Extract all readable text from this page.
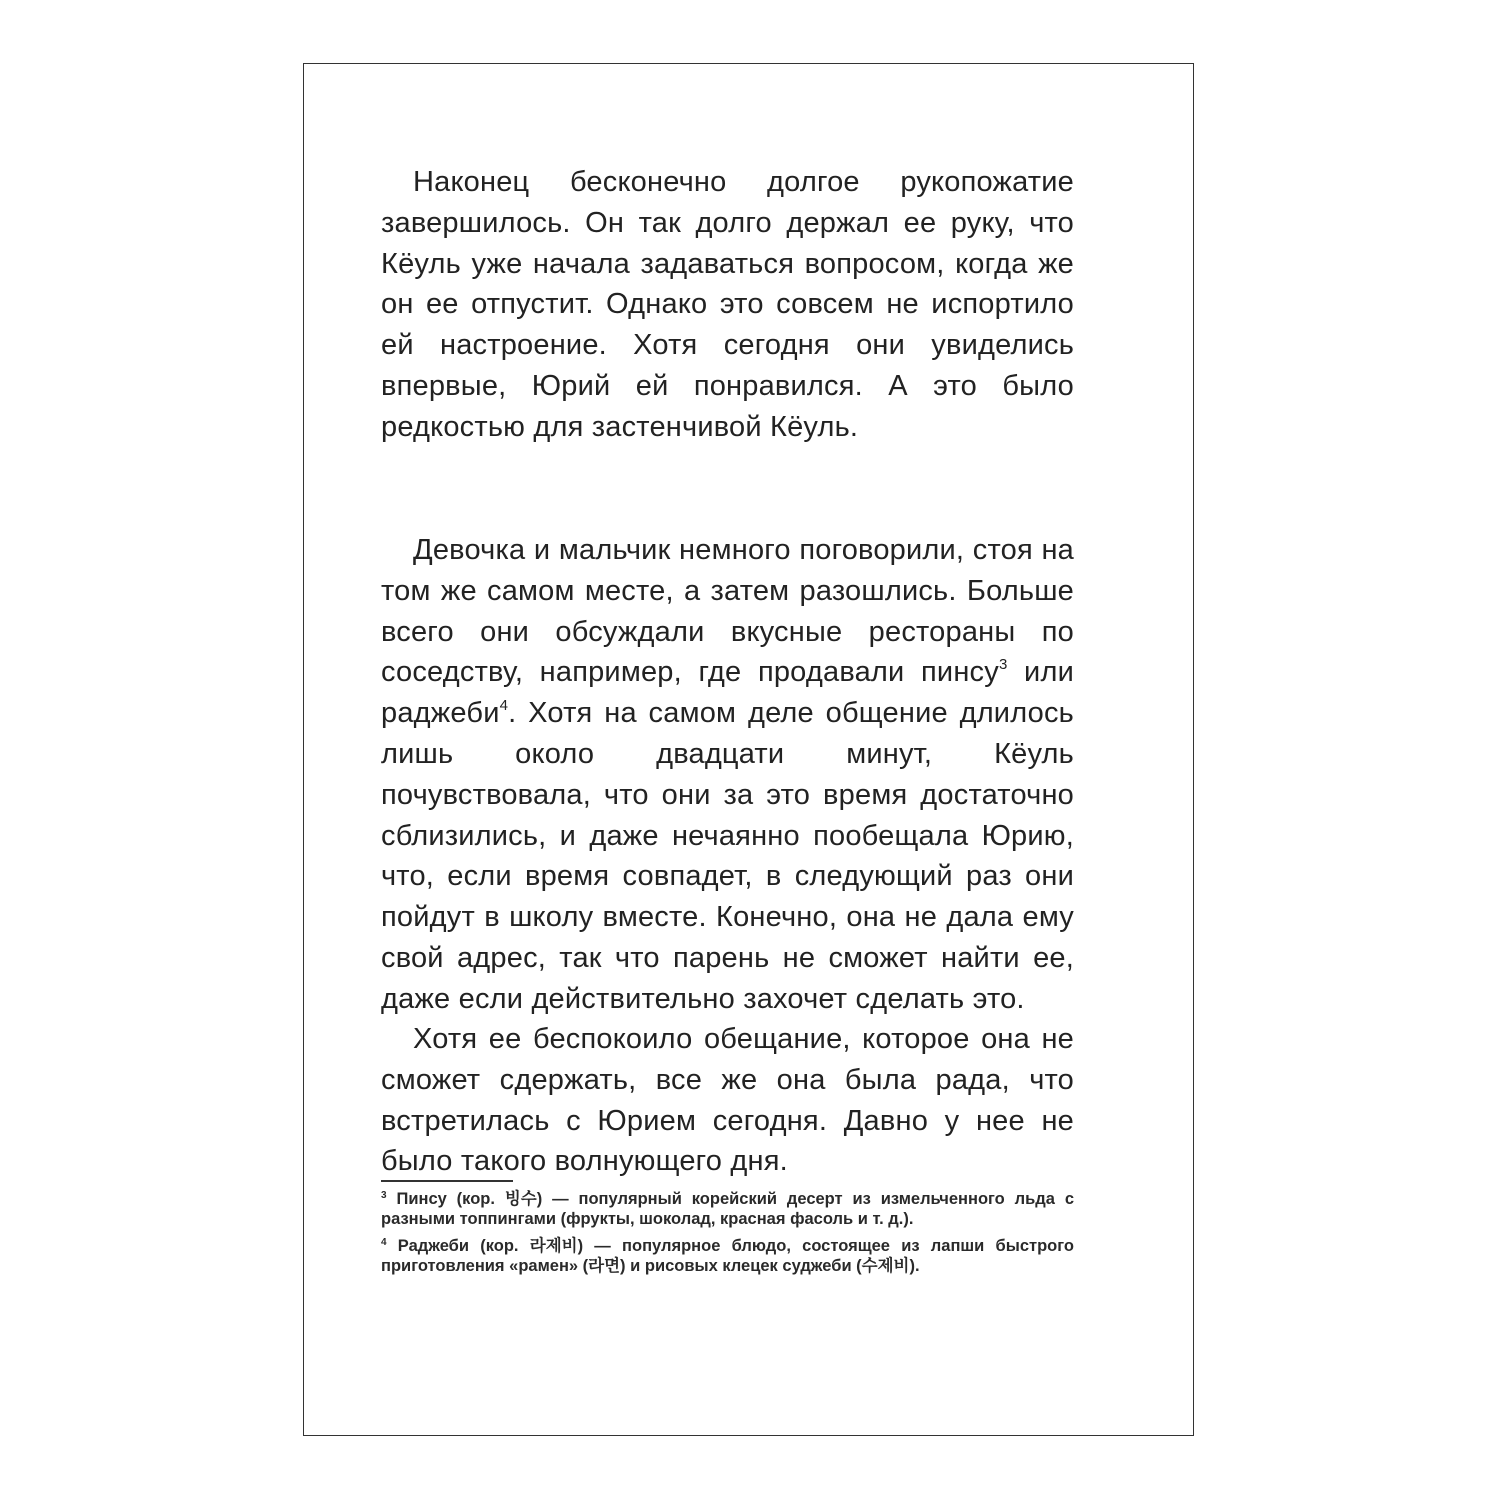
Наконец бесконечно долгое рукопожатие завершилось. Он так долго держал ее руку, что Кёуль уже начала задаваться вопросом, когда же он ее отпустит. Однако это совсем не испортило ей настроение. Хотя сегодня они увиделись впервые, Юрий ей понравился. А это было редкостью для застенчивой Кёуль.

Девочка и мальчик немного поговорили, стоя на том же самом месте, а затем разошлись. Больше всего они обсуждали вкусные рестораны по соседству, например, где продавали пинсу$^3$ или раджеби$^4$. Хотя на самом деле общение длилось лишь около двадцати минут, Кёуль почувствовала, что они за это время достаточно сблизились, и даже нечаянно пообещала Юрию, что, если время совпадет, в следующий раз они пойдут в школу вместе. Конечно, она не дала ему свой адрес, так что парень не сможет найти ее, даже если действительно захочет сделать это.

Хотя ее беспокоило обещание, которое она не сможет сдержать, все же она была рада, что встретилась с Юрием сегодня. Давно у нее не было такого волнующего дня.

$^3$ Пинсу (кор. 빙수) — популярный корейский десерт из измельченного льда с разными топпингами (фрукты, шоколад, красная фасоль и т. д.).

$^4$ Раджеби (кор. 라제비) — популярное блюдо, состоящее из лапши быстрого приготовления «рамен» (라면) и рисовых клецек суджеби (수제비).
